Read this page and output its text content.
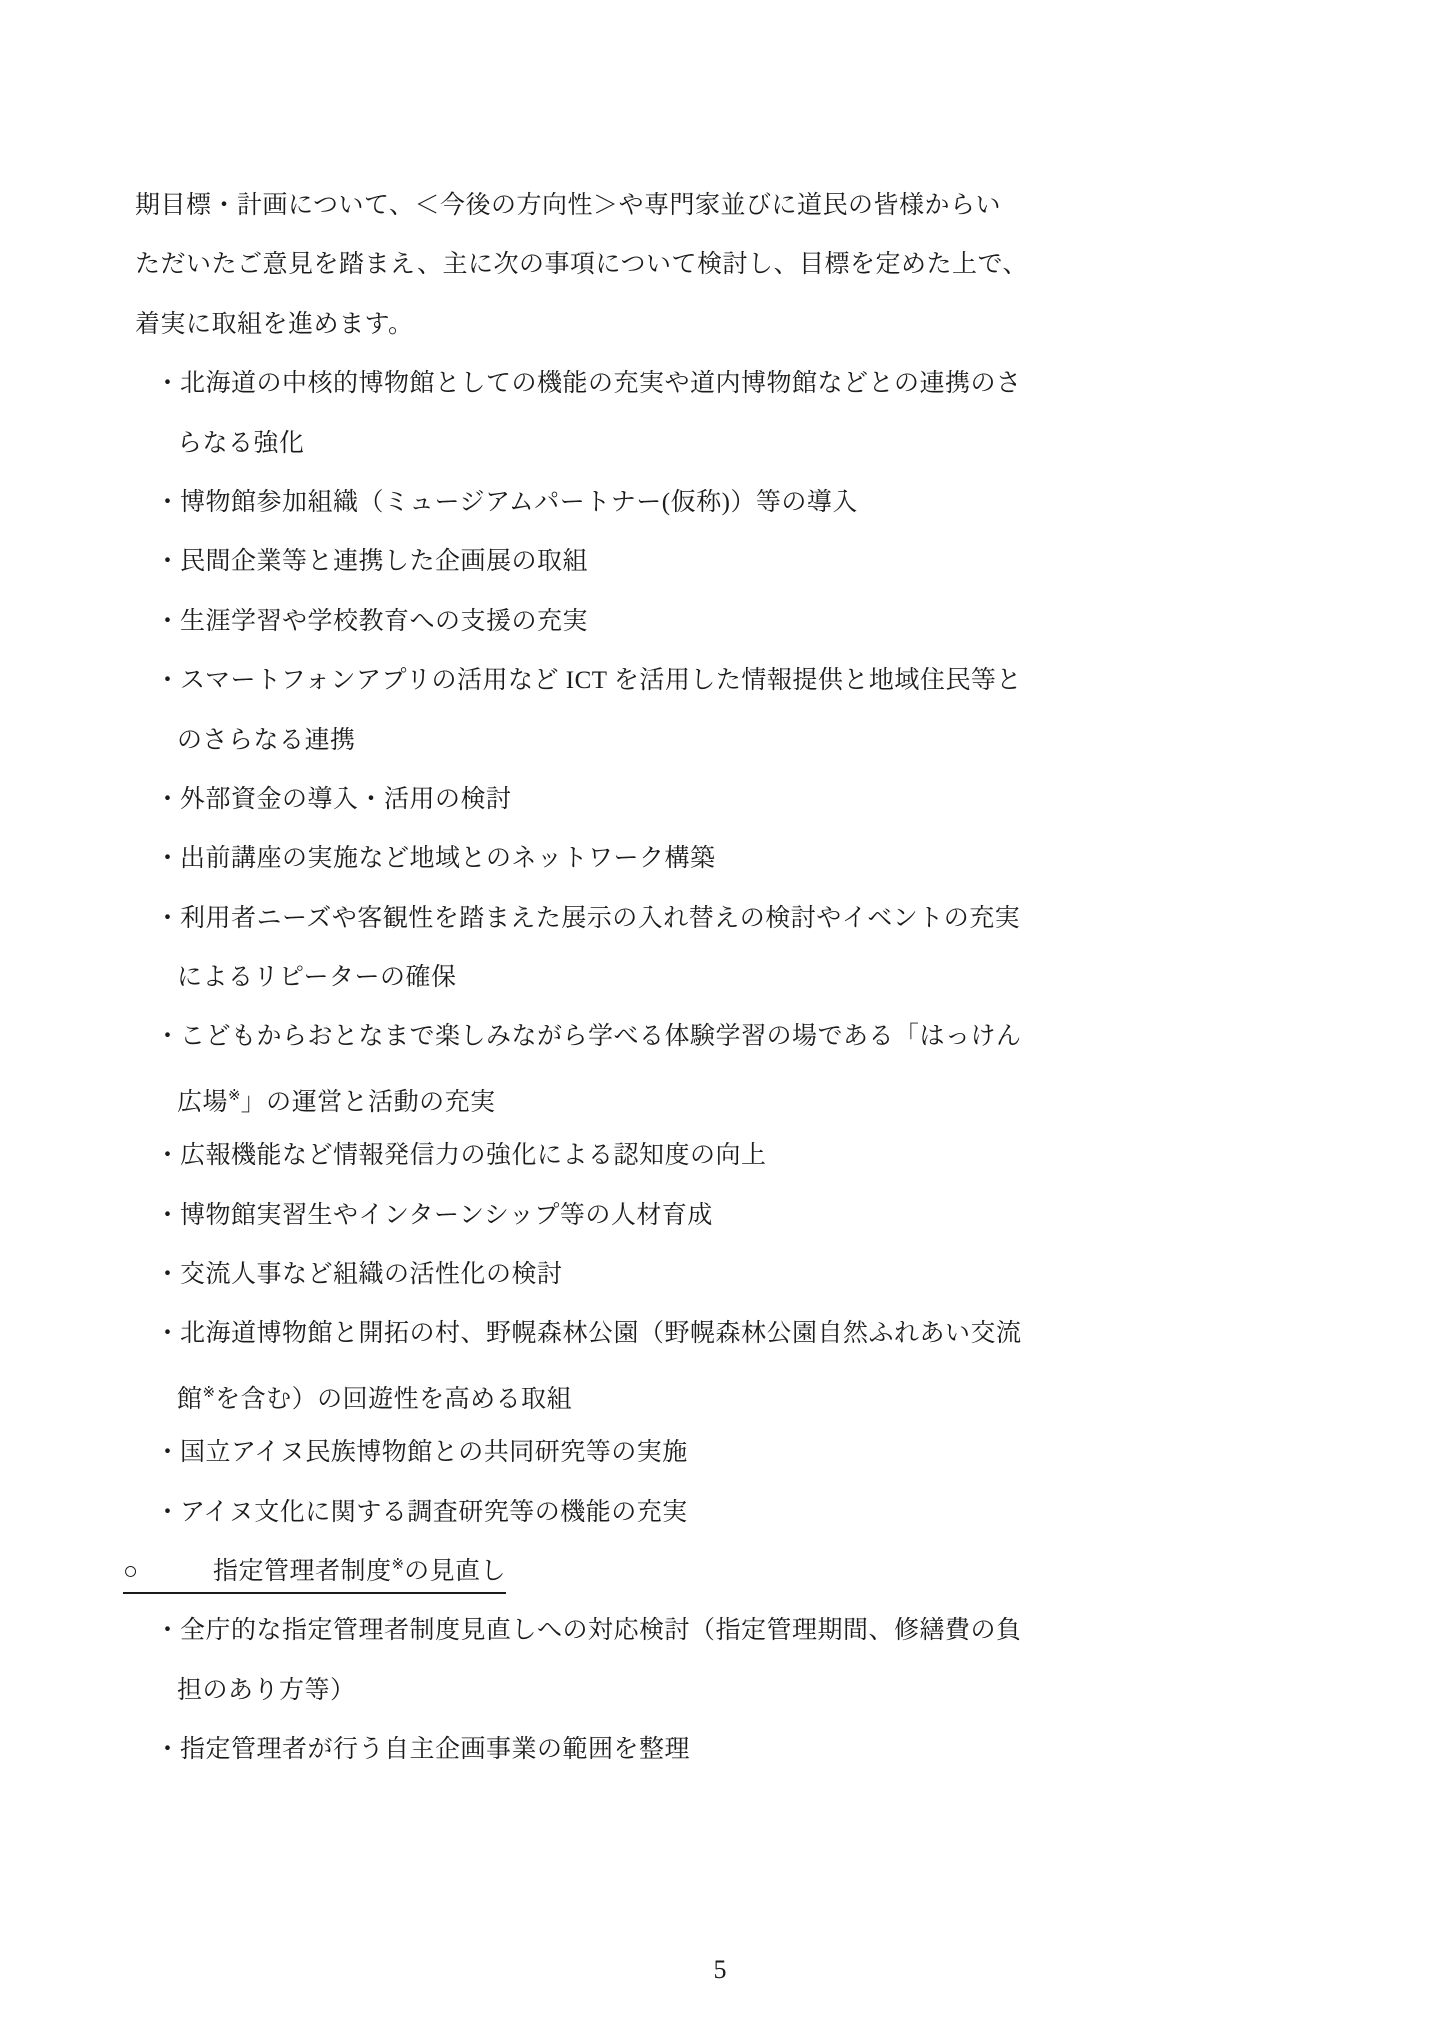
期目標・計画について、＜今後の方向性＞や専門家並びに道民の皆様からい
ただいたご意見を踏まえ、主に次の事項について検討し、目標を定めた上で、
着実に取組を進めます。
・ 北海道の中核的博物館としての機能の充実や道内博物館などとの連携のさ
らなる強化
・ 博物館参加組織（ミュージアムパートナー(仮称)）等の導入
・ 民間企業等と連携した企画展の取組
・ 生涯学習や学校教育への支援の充実
・ スマートフォンアプリの活用など ICT を活用した情報提供と地域住民等と
のさらなる連携
・ 外部資金の導入・活用の検討
・ 出前講座の実施など地域とのネットワーク構築
・ 利用者ニーズや客観性を踏まえた展示の入れ替えの検討やイベントの充実
によるリピーターの確保
・ こどもからおとなまで楽しみながら学べる体験学習の場である「はっけん
広場※」の運営と活動の充実
・ 広報機能など情報発信力の強化による認知度の向上
・ 博物館実習生やインターンシップ等の人材育成
・ 交流人事など組織の活性化の検討
・ 北海道博物館と開拓の村、野幌森林公園（野幌森林公園自然ふれあい交流
館※を含む）の回遊性を高める取組
・ 国立アイヌ民族博物館との共同研究等の実施
・ アイヌ文化に関する調査研究等の機能の充実
○	指定管理者制度※の見直し
・ 全庁的な指定管理者制度見直しへの対応検討（指定管理期間、修繕費の負
担のあり方等）
・ 指定管理者が行う自主企画事業の範囲を整理
5
